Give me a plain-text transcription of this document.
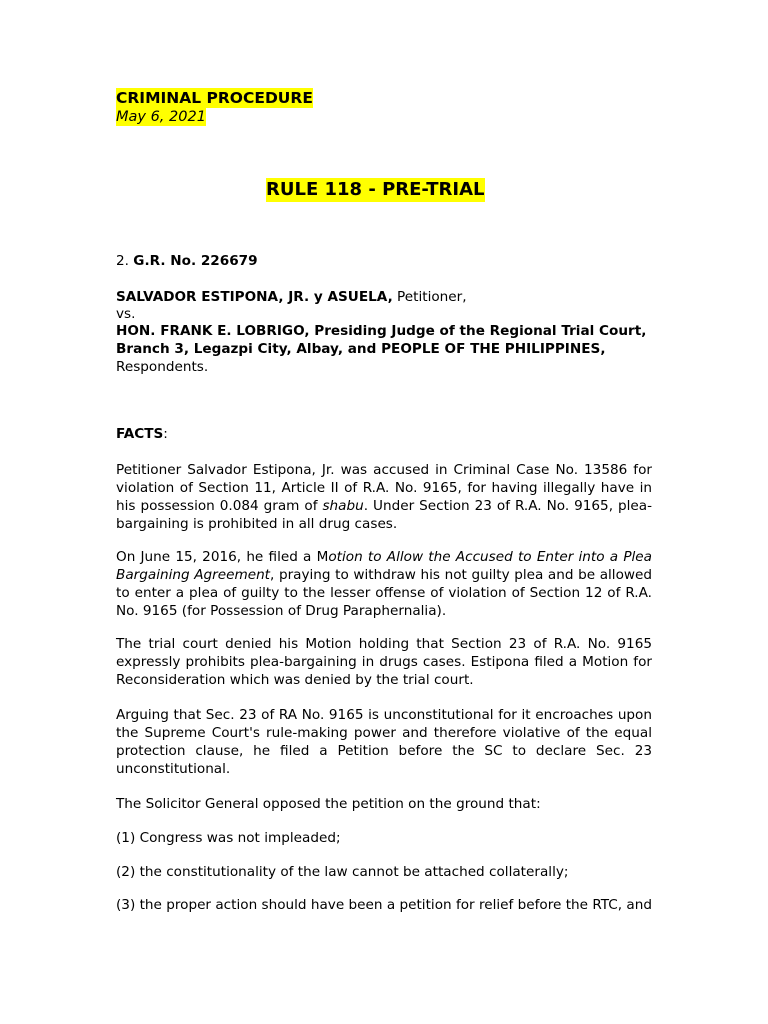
CRIMINAL PROCEDURE
May 6, 2021
RULE 118 - PRE-TRIAL

2. G.R. No. 226679

SALVADOR ESTIPONA, JR. y ASUELA, Petitioner,

vs.

HON. FRANK E. LOBRIGO, Presiding Judge of the Regional Trial Court, Branch 3, Legazpi City, Albay, and PEOPLE OF THE PHILIPPINES, Respondents.

FACTS:

Petitioner Salvador Estipona, Jr. was accused in Criminal Case No. 13586 for violation of Section 11, Article II of R.A. No. 9165, for having illegally have in his possession 0.084 gram of shabu. Under Section 23 of R.A. No. 9165, plea-bargaining is prohibited in all drug cases.

On June 15, 2016, he filed a Motion to Allow the Accused to Enter into a Plea Bargaining Agreement, praying to withdraw his not guilty plea and be allowed to enter a plea of guilty to the lesser offense of violation of Section 12 of R.A. No. 9165 (for Possession of Drug Paraphernalia).

The trial court denied his Motion holding that Section 23 of R.A. No. 9165 expressly prohibits plea-bargaining in drugs cases. Estipona filed a Motion for Reconsideration which was denied by the trial court.

Arguing that Sec. 23 of RA No. 9165 is unconstitutional for it encroaches upon the Supreme Court's rule-making power and therefore violative of the equal protection clause, he filed a Petition before the SC to declare Sec. 23 unconstitutional.

The Solicitor General opposed the petition on the ground that:

(1) Congress was not impleaded;

(2) the constitutionality of the law cannot be attached collaterally;

(3) the proper action should have been a petition for relief before the RTC, and
